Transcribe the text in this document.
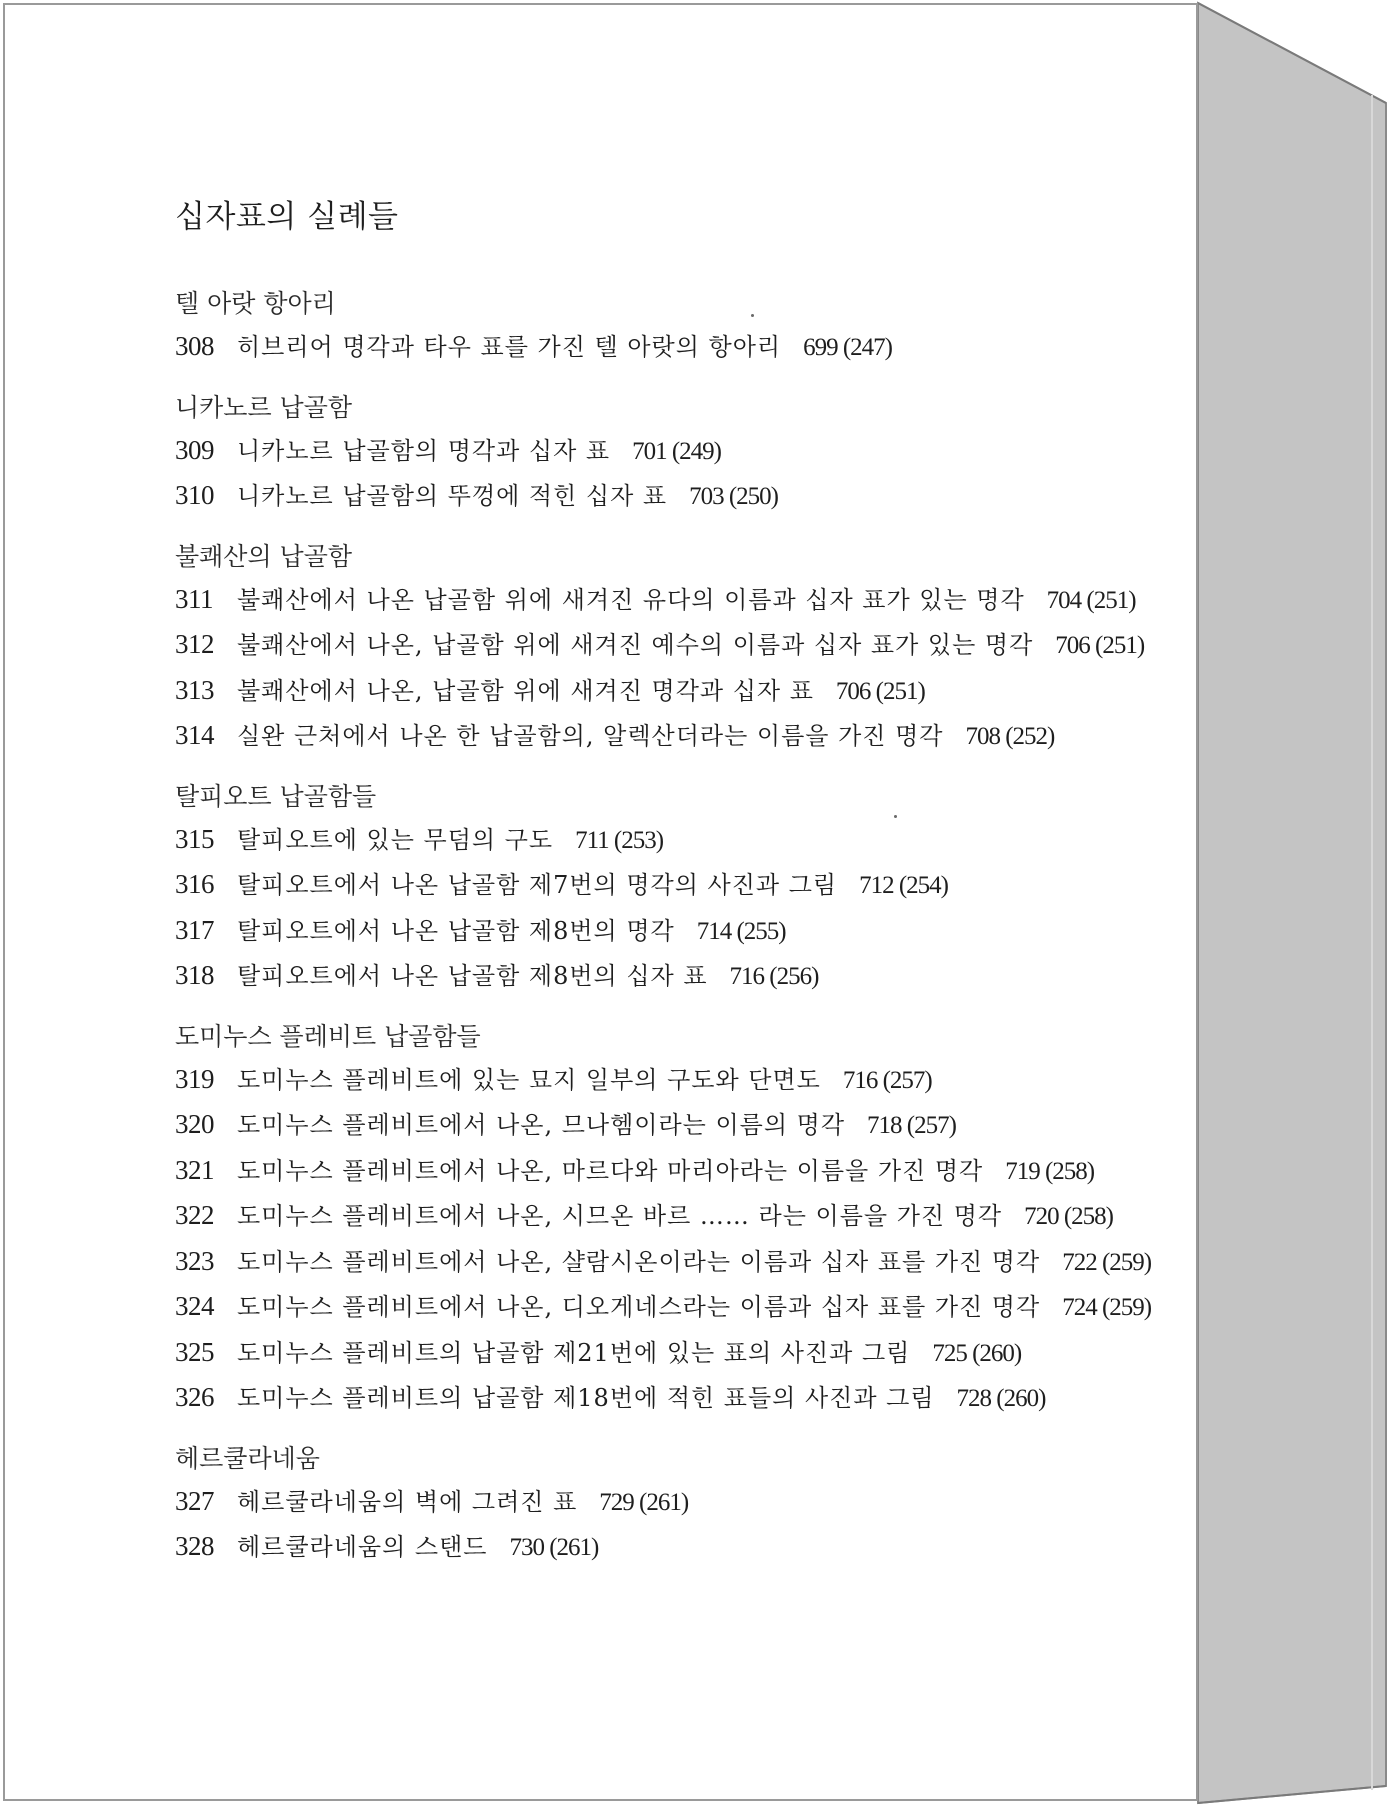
십자표의 실례들
텔 아랏 항아리
308 히브리어 명각과 타우 표를 가진 텔 아랏의 항아리 699 (247)
니카노르 납골함
309 니카노르 납골함의 명각과 십자 표 701 (249)
310 니카노르 납골함의 뚜껑에 적힌 십자 표 703 (250)
불쾌산의 납골함
311	불쾌산에서 나온 납골함 위에 새겨진 유다의 이름과 십자 표가 있는 명각 704 (251)
312 불쾌산에서 나온, 납골함 위에 새겨진 예수의 이름과 십자 표가 있는 명각 706 (251)
313 불쾌산에서 나온, 납골함 위에 새겨진 명각과 십자 표 706 (251)
314 실완 근처에서 나온 한 납골함의, 알렉산더라는 이름을 가진 명각 708 (252)
탈피오트 납골함들
315 탈피오트에 있는 무덤의 구도 711 (253)
316 탈피오트에서 나온 납골함 제7번의 명각의 사진과 그림 712 (254)
317 탈피오트에서 나온 납골함 제8번의 명각 714 (255)
318 탈피오트에서 나온 납골함 제8번의 십자 표 716 (256)
도미누스 플레비트 납골함들
319 도미누스 플레비트에 있는 묘지 일부의 구도와 단면도 716 (257)
320 도미누스 플레비트에서 나온, 므나헴이라는 이름의 명각 718 (257)
321 도미누스 플레비트에서 나온, 마르다와 마리아라는 이름을 가진 명각 719 (258)
322 도미누스 플레비트에서 나온, 시므온 바르 …… 라는 이름을 가진 명각 720 (258)
323 도미누스 플레비트에서 나온, 샬람시온이라는 이름과 십자 표를 가진 명각 722 (259)
324 도미누스 플레비트에서 나온, 디오게네스라는 이름과 십자 표를 가진 명각 724 (259)
325 도미누스 플레비트의 납골함 제21번에 있는 표의 사진과 그림 725 (260)
326 도미누스 플레비트의 납골함 제18번에 적힌 표들의 사진과 그림 728 (260)
헤르쿨라네움
327 헤르쿨라네움의 벽에 그려진 표 729 (261)
328 헤르쿨라네움의 스탠드 730 (261)
